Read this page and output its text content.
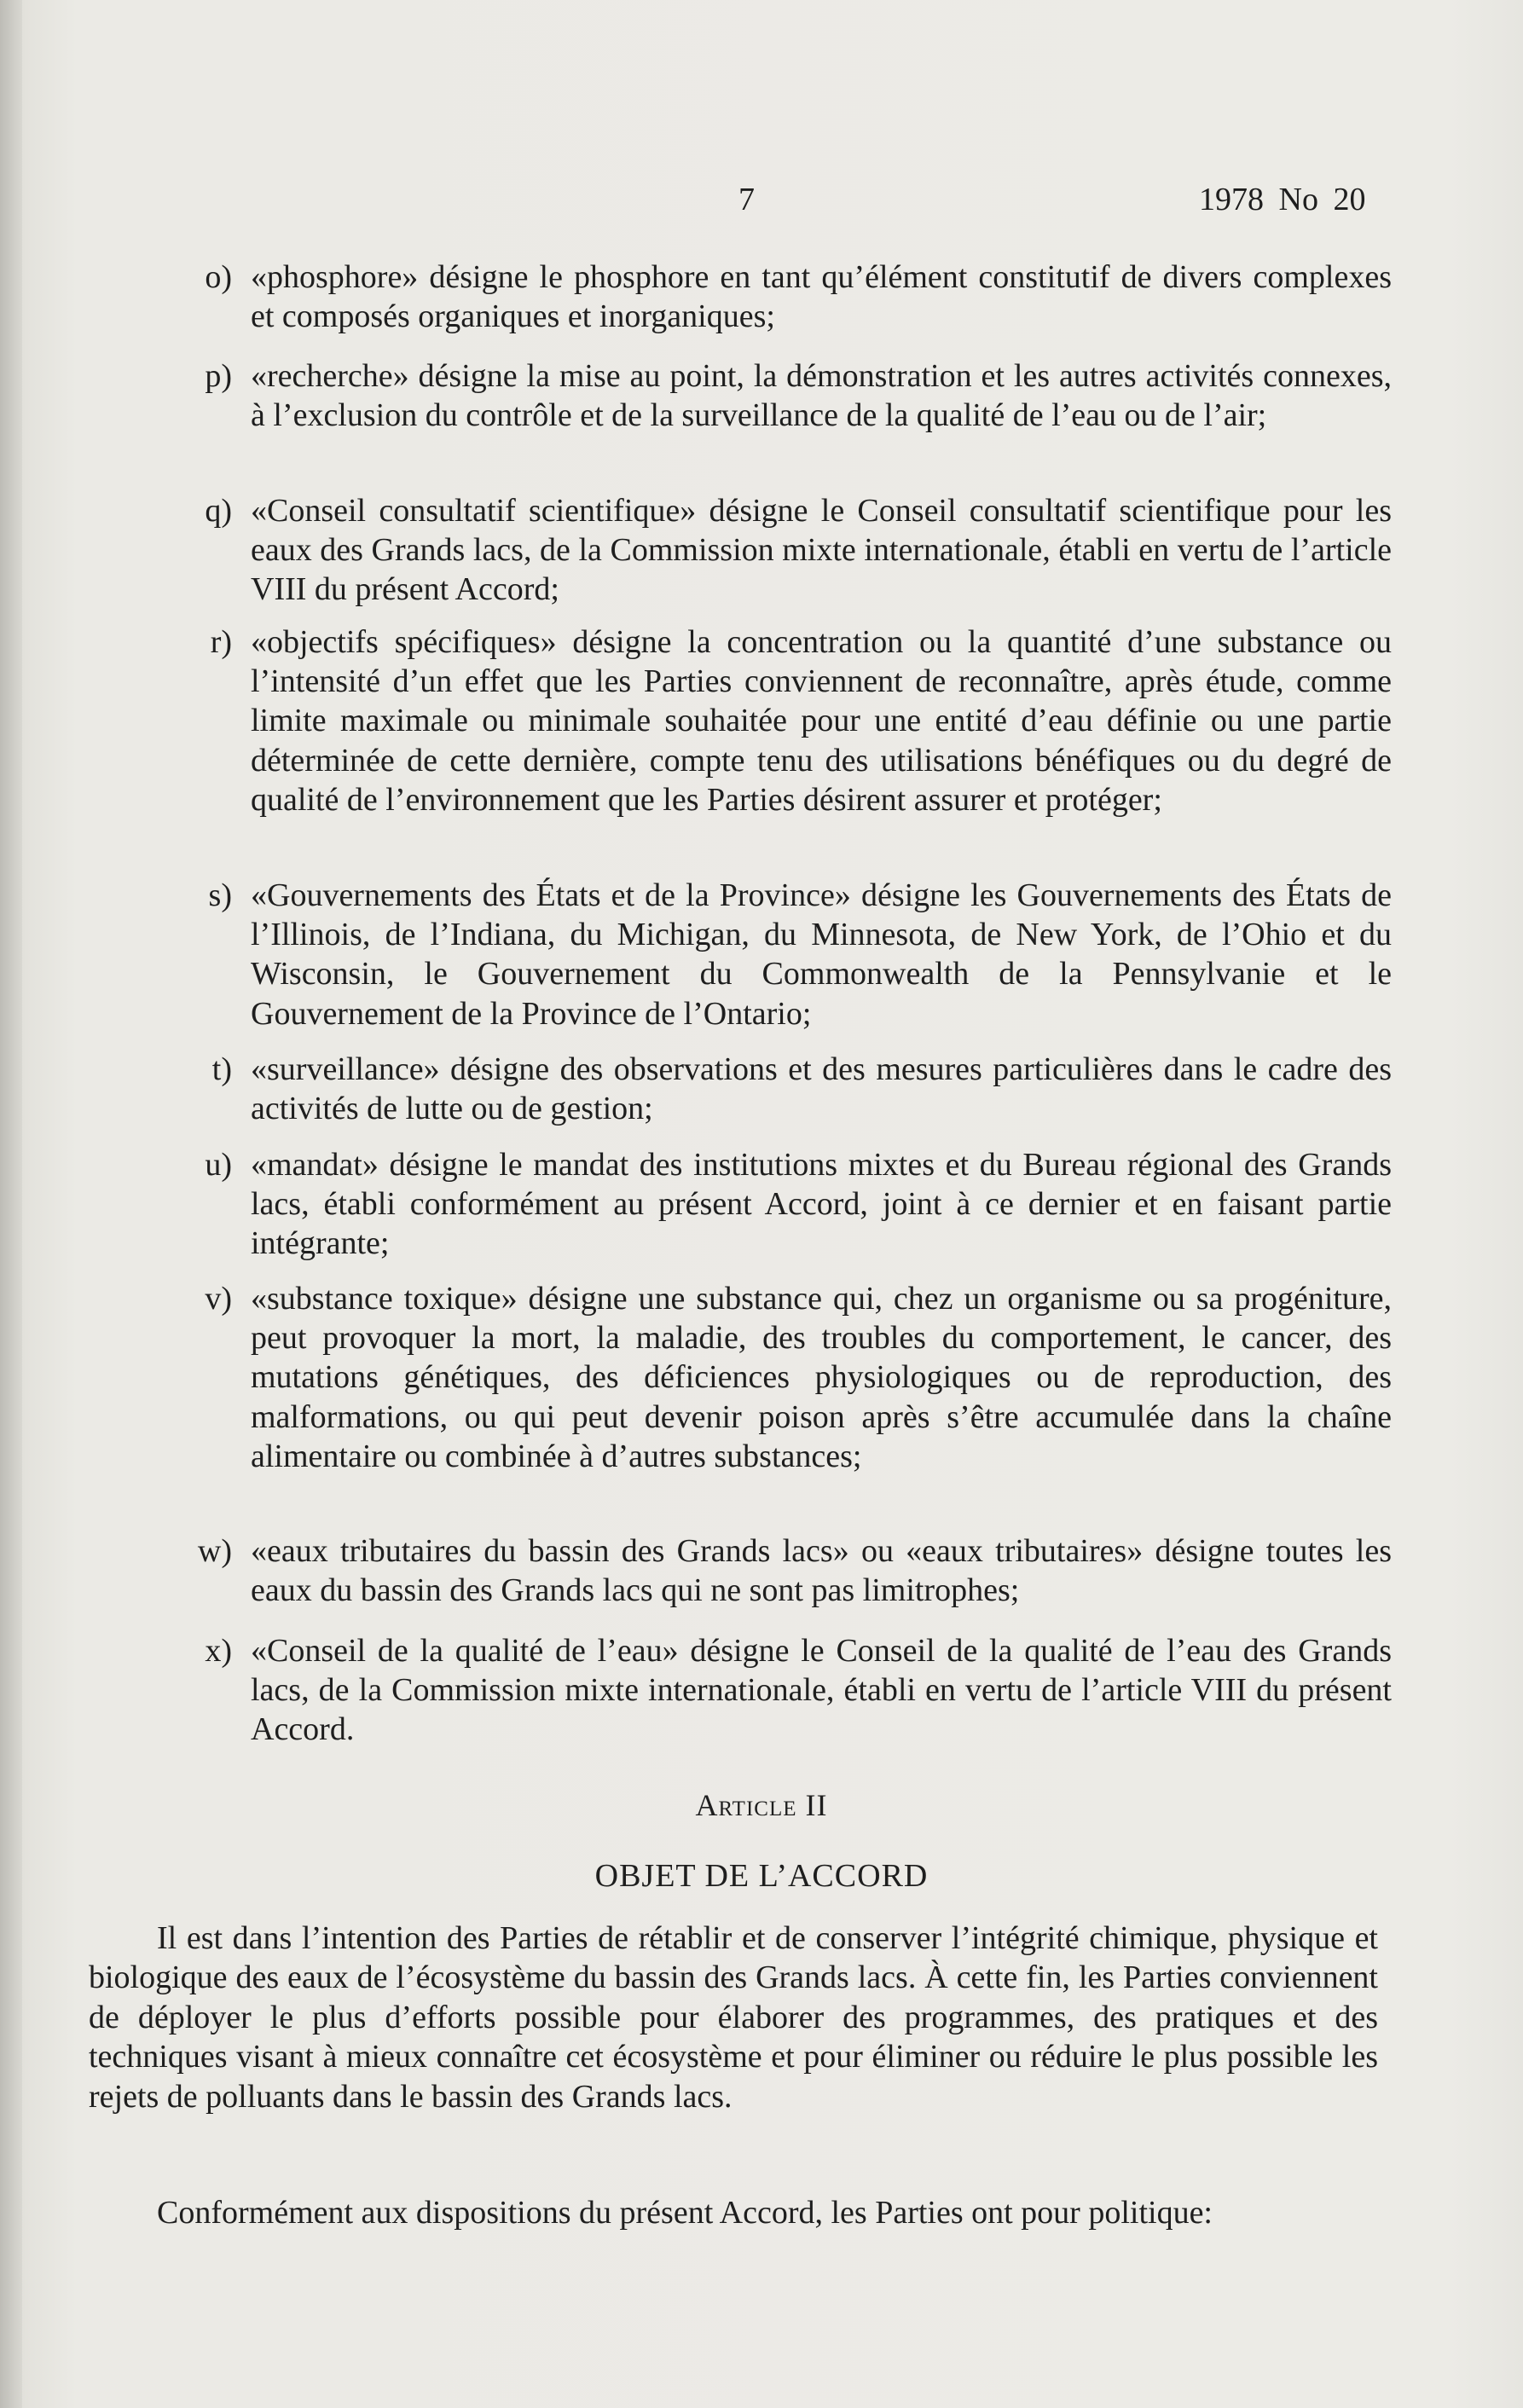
7	1978 No 20
o) «phosphore» désigne le phosphore en tant qu’élément constitutif de divers complexes et composés organiques et inorganiques;
p) «recherche» désigne la mise au point, la démonstration et les autres activités connexes, à l’exclusion du contrôle et de la surveillance de la qualité de l’eau ou de l’air;
q) «Conseil consultatif scientifique» désigne le Conseil consultatif scientifique pour les eaux des Grands lacs, de la Commission mixte internationale, établi en vertu de l’article VIII du présent Accord;
r) «objectifs spécifiques» désigne la concentration ou la quantité d’une substance ou l’intensité d’un effet que les Parties conviennent de reconnaître, après étude, comme limite maximale ou minimale souhaitée pour une entité d’eau définie ou une partie déterminée de cette dernière, compte tenu des utilisations bénéfiques ou du degré de qualité de l’environnement que les Parties désirent assurer et protéger;
s) «Gouvernements des États et de la Province» désigne les Gouvernements des États de l’Illinois, de l’Indiana, du Michigan, du Minnesota, de New York, de l’Ohio et du Wisconsin, le Gouvernement du Commonwealth de la Pennsylvanie et le Gouvernement de la Province de l’Ontario;
t) «surveillance» désigne des observations et des mesures particulières dans le cadre des activités de lutte ou de gestion;
u) «mandat» désigne le mandat des institutions mixtes et du Bureau régional des Grands lacs, établi conformément au présent Accord, joint à ce dernier et en faisant partie intégrante;
v) «substance toxique» désigne une substance qui, chez un organisme ou sa progéniture, peut provoquer la mort, la maladie, des troubles du comportement, le cancer, des mutations génétiques, des déficiences physiologiques ou de reproduction, des malformations, ou qui peut devenir poison après s’être accumulée dans la chaîne alimentaire ou combinée à d’autres substances;
w) «eaux tributaires du bassin des Grands lacs» ou «eaux tributaires» désigne toutes les eaux du bassin des Grands lacs qui ne sont pas limitrophes;
x) «Conseil de la qualité de l’eau» désigne le Conseil de la qualité de l’eau des Grands lacs, de la Commission mixte internationale, établi en vertu de l’article VIII du présent Accord.
Article II
OBJET DE L’ACCORD
Il est dans l’intention des Parties de rétablir et de conserver l’intégrité chimique, physique et biologique des eaux de l’écosystème du bassin des Grands lacs. À cette fin, les Parties conviennent de déployer le plus d’efforts possible pour élaborer des programmes, des pratiques et des techniques visant à mieux connaître cet écosystème et pour éliminer ou réduire le plus possible les rejets de polluants dans le bassin des Grands lacs.
Conformément aux dispositions du présent Accord, les Parties ont pour politique:
